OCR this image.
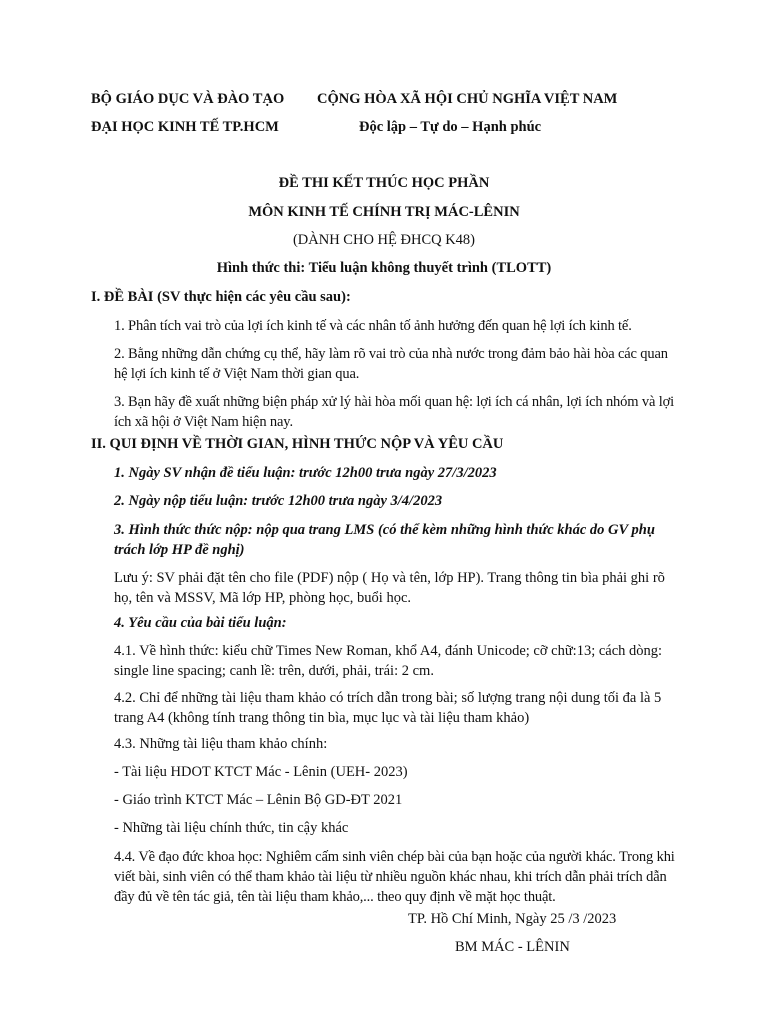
BỘ GIÁO DỤC VÀ ĐÀO TẠO
ĐẠI HỌC KINH TẾ TP.HCM
CỘNG HÒA XÃ HỘI CHỦ NGHĨA VIỆT NAM
Độc lập – Tự do – Hạnh phúc
ĐỀ THI KẾT THÚC HỌC PHẦN
MÔN KINH TẾ CHÍNH TRỊ MÁC-LÊNIN
(DÀNH CHO HỆ ĐHCQ K48)
Hình thức thi: Tiểu luận không thuyết trình (TLOTT)
I. ĐỀ BÀI (SV thực hiện các yêu cầu sau):
1. Phân tích vai trò của lợi ích kinh tế và các nhân tố ảnh hưởng đến quan hệ lợi ích kinh tế.
2. Bằng những dẫn chứng cụ thể, hãy làm rõ vai trò của nhà nước trong đảm bảo hài hòa các quan hệ lợi ích kinh tế ở Việt Nam thời gian qua.
3. Bạn hãy đề xuất những biện pháp xử lý hài hòa mối quan hệ: lợi ích cá nhân, lợi ích nhóm và lợi ích xã hội ở Việt Nam hiện nay.
II. QUI ĐỊNH VỀ THỜI GIAN, HÌNH THỨC NỘP VÀ YÊU CẦU
1. Ngày SV nhận đề tiểu luận: trước 12h00 trưa ngày 27/3/2023
2. Ngày nộp tiểu luận: trước 12h00 trưa ngày 3/4/2023
3. Hình thức thức nộp: nộp qua trang LMS (có thể kèm những hình thức khác do GV phụ trách lớp HP đề nghị)
Lưu ý: SV phải đặt tên cho file (PDF) nộp ( Họ và tên, lớp HP). Trang thông tin bìa phải ghi rõ họ, tên và MSSV, Mã lớp HP, phòng học, buổi học.
4. Yêu cầu của bài tiểu luận:
4.1. Về hình thức: kiểu chữ Times New Roman, khổ A4, đánh Unicode; cỡ chữ:13; cách dòng: single line spacing; canh lề: trên, dưới, phải, trái: 2 cm.
4.2. Chỉ để những tài liệu tham khảo có trích dẫn trong bài; số lượng trang nội dung tối đa là 5 trang A4 (không tính trang thông tin bìa, mục lục và tài liệu tham khảo)
4.3. Những tài liệu tham khảo chính:
- Tài liệu HDOT KTCT Mác - Lênin (UEH- 2023)
- Giáo trình KTCT Mác – Lênin Bộ GD-ĐT 2021
- Những tài liệu chính thức, tin cậy khác
4.4. Về đạo đức khoa học: Nghiêm cấm sinh viên chép bài của bạn hoặc của người khác. Trong khi viết bài, sinh viên có thể tham khảo tài liệu từ nhiều nguồn khác nhau, khi trích dẫn phải trích dẫn đầy đủ về tên tác giả, tên tài liệu tham khảo,... theo quy định về mặt học thuật.
TP. Hồ Chí Minh, Ngày 25 /3 /2023
BM MÁC - LÊNIN
